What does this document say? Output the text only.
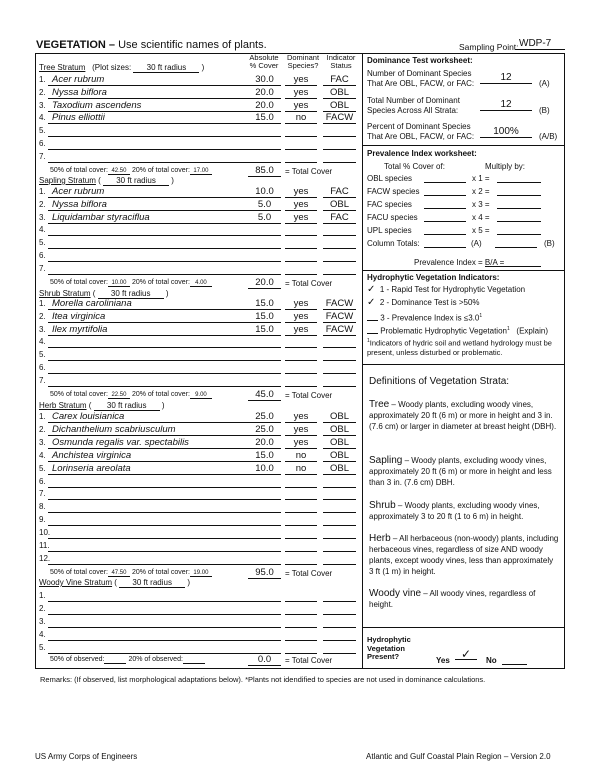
VEGETATION – Use scientific names of plants.	Sampling Point: WDP-7
Absolute
% Cover
Dominant
Species?
Indicator
Status
Tree Stratum (Plot sizes: 30 ft radius )
1. Acer rubrum	30.0	yes	FAC
2. Nyssa biflora	20.0	yes	OBL
3. Taxodium ascendens	20.0	yes	OBL
4. Pinus elliottii	15.0	no	FACW
5.
6.
7.
50% of total cover: 42.50 20% of total cover: 17.00	85.0	= Total Cover
Sapling Stratum ( 30 ft radius )
1. Acer rubrum	10.0	yes	FAC
2. Nyssa biflora	5.0	yes	OBL
3. Liquidambar styraciflua	5.0	yes	FAC
4.
5.
6.
7.
50% of total cover: 10.00 20% of total cover: 4.00	20.0	= Total Cover
Shrub Stratum ( 30 ft radius )
1. Morella caroliniana	15.0	yes	FACW
2. Itea virginica	15.0	yes	FACW
3. Ilex myrtifolia	15.0	yes	FACW
4.
5.
6.
7.
50% of total cover: 22.50 20% of total cover: 9.00	45.0	= Total Cover
Herb Stratum ( 30 ft radius )
1. Carex louisianica	25.0	yes	OBL
2. Dichanthelium scabriusculum	25.0	yes	OBL
3. Osmunda regalis var. spectabilis	20.0	yes	OBL
4. Anchistea virginica	15.0	no	OBL
5. Lorinseria areolata	10.0	no	OBL
6.
7.
8.
9.
10.
11.
12.
50% of total cover: 47.50 20% of total cover: 19.00	95.0	= Total Cover
Woody Vine Stratum ( 30 ft radius )
1.
2.
3.
4.
5.
50% of observed:	20% of observed:	0.0	= Total Cover
Dominance Test worksheet:
Number of Dominant Species
That Are OBL, FACW, or FAC:
12
(A)
Total Number of Dominant
Species Across All Strata:
12
(B)
Percent of Dominant Species
That Are OBL, FACW, or FAC:	100%	(A/B)
Prevalence Index worksheet:
Total % Cover of:	Multiply by:
OBL species	x 1 =
FACW species	x 2 =
FAC species	x 3 =
FACU species	x 4 =
UPL species	x 5 =
Column Totals:	(A)	(B)
Prevalence Index = B/A =
Hydrophytic Vegetation Indicators:
✓ 1 - Rapid Test for Hydrophytic Vegetation
✓ 2 - Dominance Test is >50%
3 - Prevalence Index is $\le 3.0^1$
Problematic Hydrophytic Vegetation$^1$ (Explain)
$^1$Indicators of hydric soil and wetland hydrology must be present, unless disturbed or problematic.
Definitions of Vegetation Strata:
Tree – Woody plants, excluding woody vines, approximately 20 ft (6 m) or more in height and 3 in. (7.6 cm) or larger in diameter at breast height (DBH).
Sapling – Woody plants, excluding woody vines, approximately 20 ft (6 m) or more in height and less than 3 in. (7.6 cm) DBH.
Shrub – Woody plants, excluding woody vines, approximately 3 to 20 ft (1 to 6 m) in height.
Herb – All herbaceous (non-woody) plants, including herbaceous vines, regardless of size AND woody plants, except woody vines, less than approximately 3 ft (1 m) in height.
Woody vine – All woody vines, regardless of height.
Hydrophytic
Vegetation
Present?	Yes ✓	No
Remarks: (If observed, list morphological adaptations below). *Plants not idendified to species are not used in dominance calculations.
US Army Corps of Engineers	Atlantic and Gulf Coastal Plain Region – Version 2.0
